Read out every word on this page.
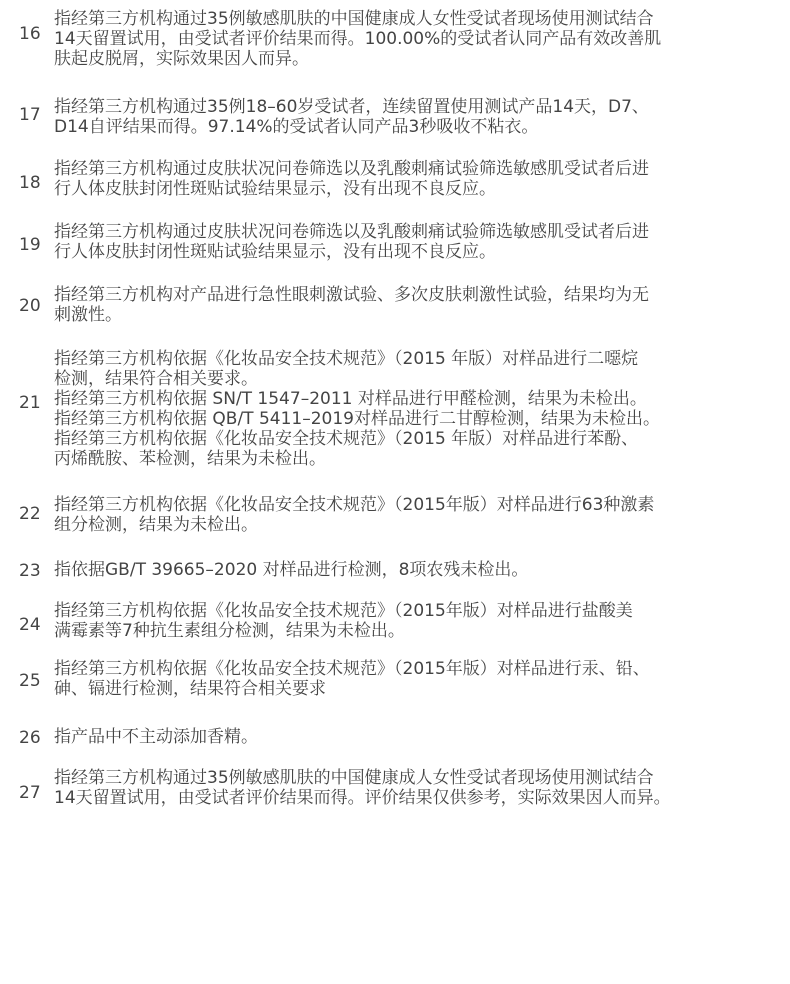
16
指经第三方机构通过35例敏感肌肤的中国健康成人女性受试者现场使用测试结合
14天留置试用，由受试者评价结果而得。100.00%的受试者认同产品有效改善肌
肤起皮脱屑，实际效果因人而异。
17 指经第三方机构通过35例18–60岁受试者，连续留置使用测试产品14天，D7、
D14自评结果而得。97.14%的受试者认同产品3秒吸收不粘衣。
18
指经第三方机构通过皮肤状况问卷筛选以及乳酸刺痛试验筛选敏感肌受试者后进
行人体皮肤封闭性斑贴试验结果显示，没有出现不良反应。
19
指经第三方机构通过皮肤状况问卷筛选以及乳酸刺痛试验筛选敏感肌受试者后进
行人体皮肤封闭性斑贴试验结果显示，没有出现不良反应。
20
指经第三方机构对产品进行急性眼刺激试验、多次皮肤刺激性试验，结果均为无
刺激性。
21
指经第三方机构依据《化妆品安全技术规范》（2015 年版）对样品进行二噁烷
检测，结果符合相关要求。
指经第三方机构依据 SN/T 1547–2011 对样品进行甲醛检测，结果为未检出。
指经第三方机构依据 QB/T 5411–2019对样品进行二甘醇检测，结果为未检出。
指经第三方机构依据《化妆品安全技术规范》（2015 年版）对样品进行苯酚、
丙烯酰胺、苯检测，结果为未检出。
22 指经第三方机构依据《化妆品安全技术规范》（2015年版）对样品进行63种激素
组分检测，结果为未检出。
23 指依据GB/T 39665–2020 对样品进行检测，8项农残未检出。
24
指经第三方机构依据《化妆品安全技术规范》（2015年版）对样品进行盐酸美
满霉素等7种抗生素组分检测，结果为未检出。
25
指经第三方机构依据《化妆品安全技术规范》（2015年版）对样品进行汞、铅、
砷、镉进行检测，结果符合相关要求
26 指产品中不主动添加香精。
27
指经第三方机构通过35例敏感肌肤的中国健康成人女性受试者现场使用测试结合
14天留置试用，由受试者评价结果而得。评价结果仅供参考，实际效果因人而异。
